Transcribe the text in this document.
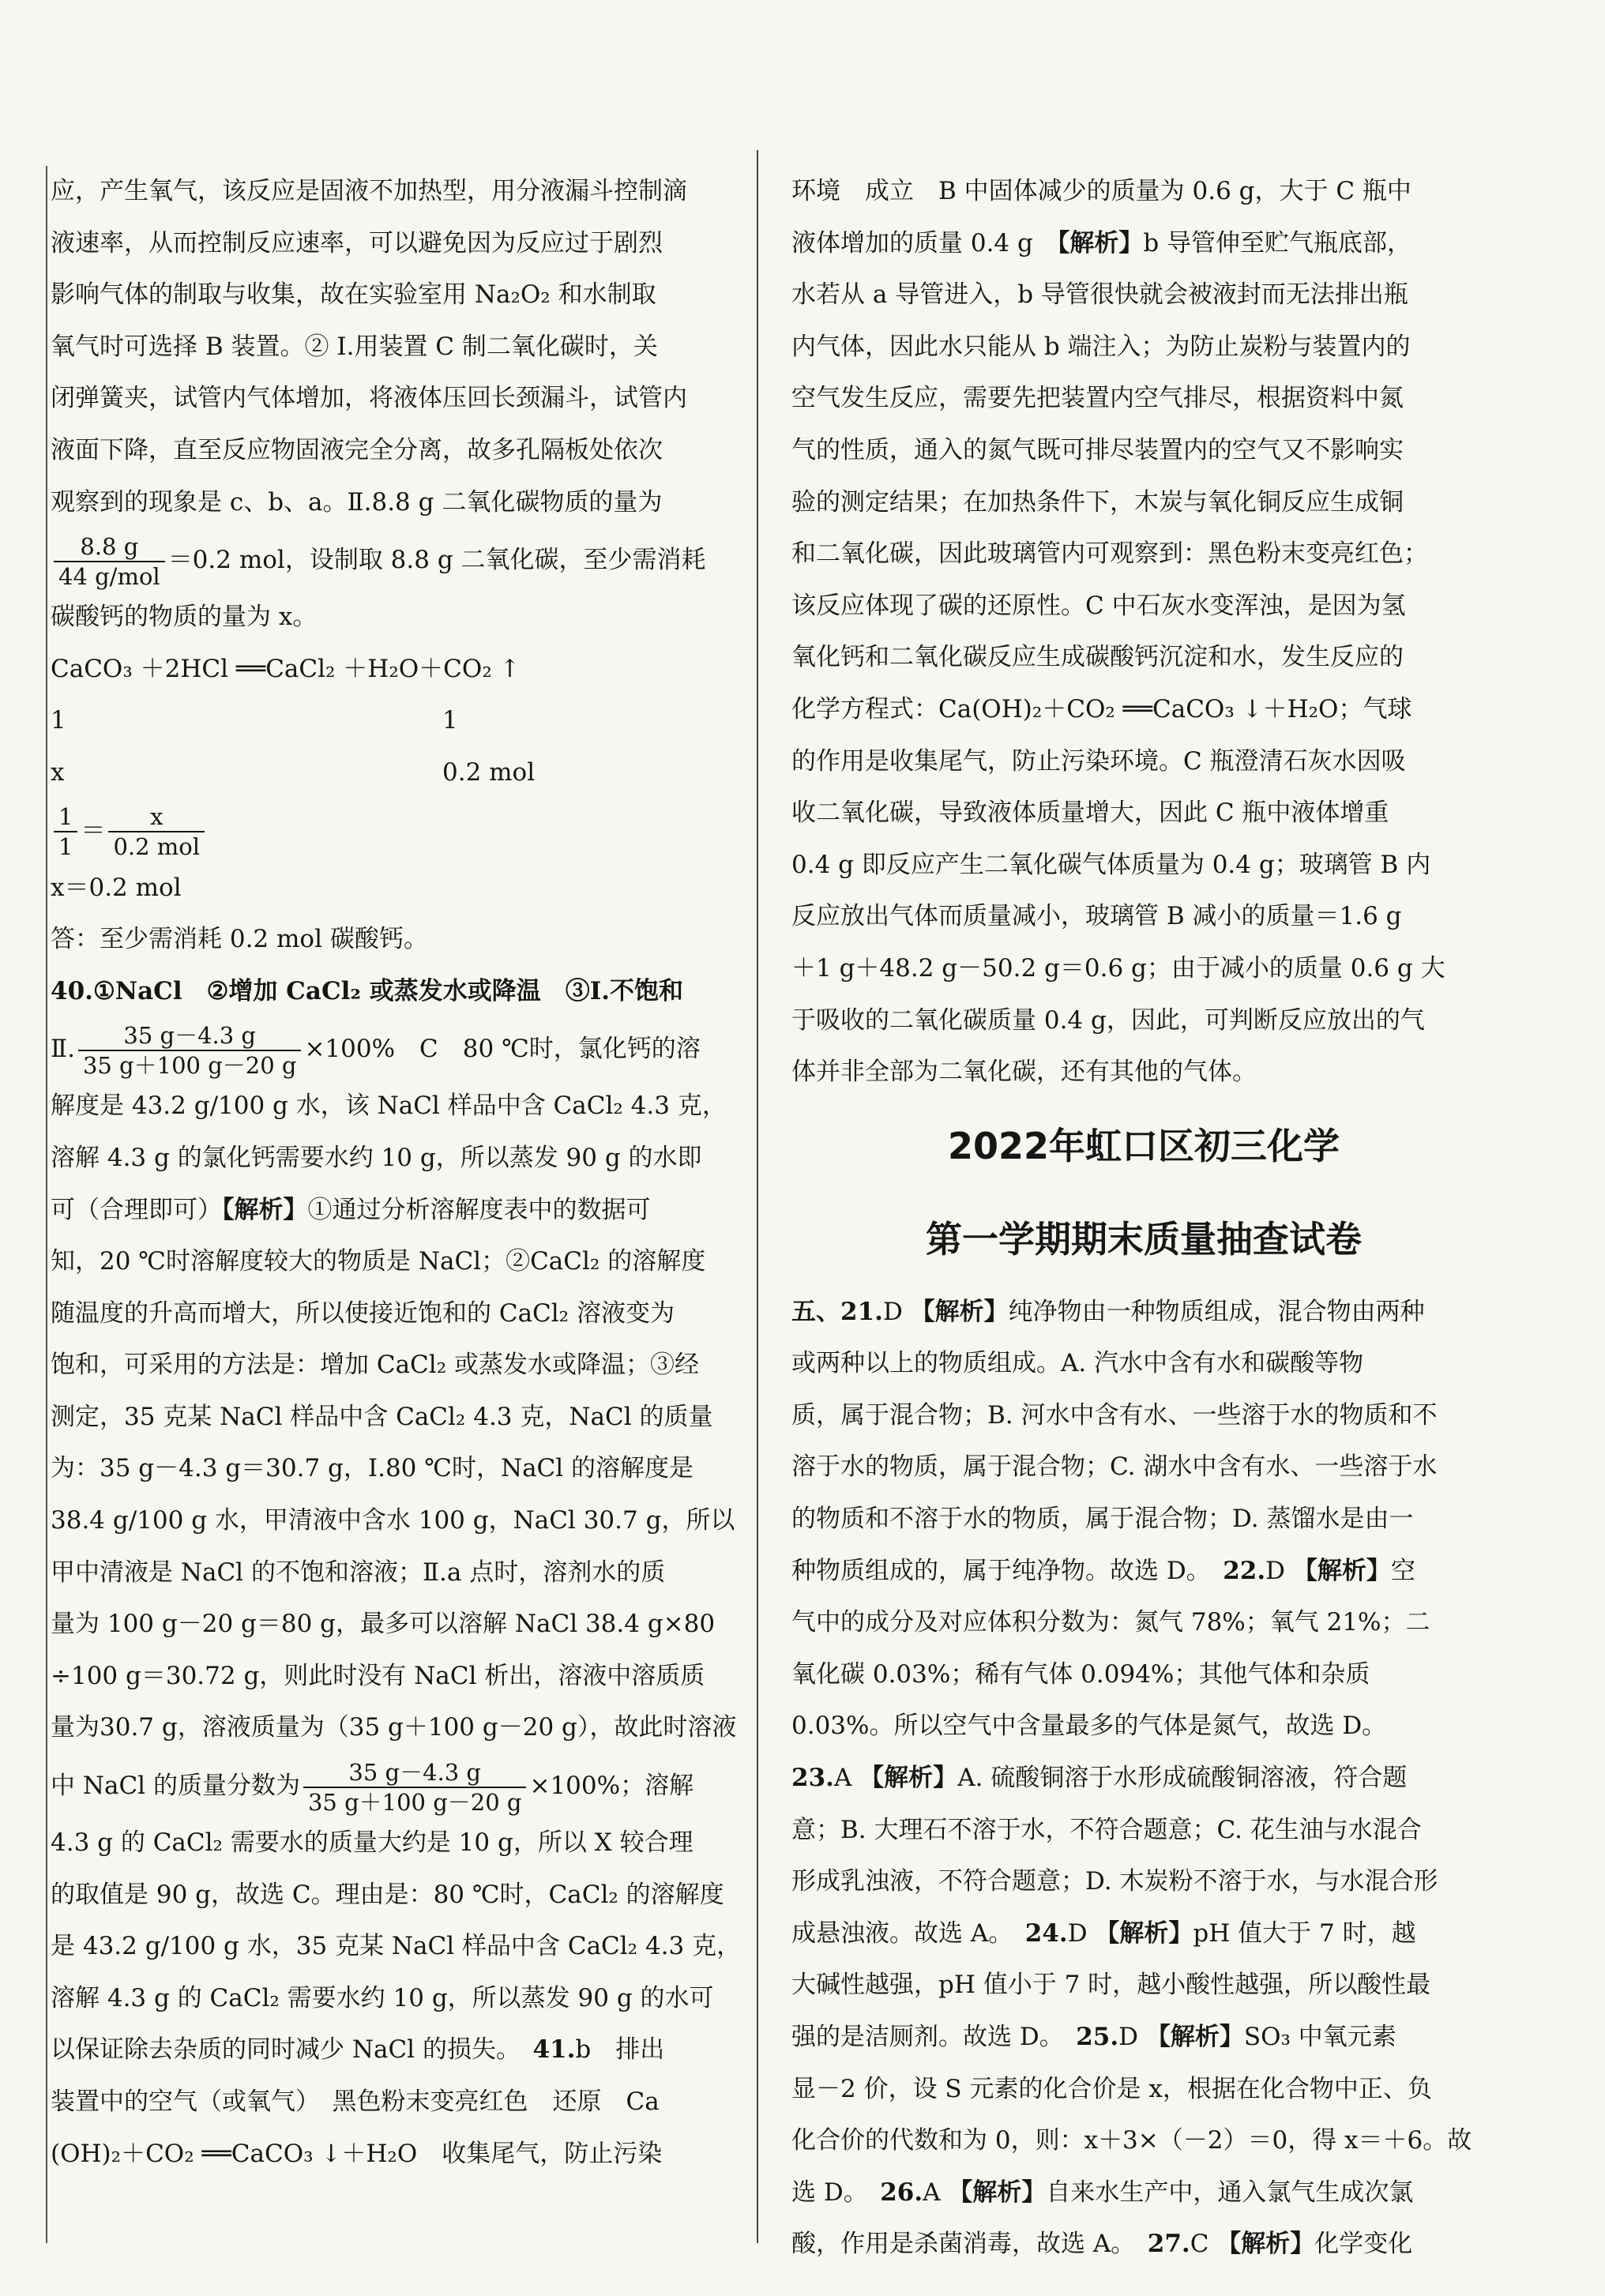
应，产生氧气，该反应是固液不加热型，用分液漏斗控制滴

液速率，从而控制反应速率，可以避免因为反应过于剧烈

影响气体的制取与收集，故在实验室用 Na₂O₂ 和水制取

氧气时可选择 B 装置。② Ⅰ.用装置 C 制二氧化碳时，关

闭弹簧夹，试管内气体增加，将液体压回长颈漏斗，试管内

液面下降，直至反应物固液完全分离，故多孔隔板处依次

观察到的现象是 c、b、a。Ⅱ.8.8 g 二氧化碳物质的量为

$\frac{8.8 g}{\text{44 g/mol}} =0.2$ mol，设制取 8.8 g 二氧化碳，至少需消耗

碳酸钙的物质的量为 x。

CaCO₃ ＋2HCl ══CaCl₂ ＋H₂O＋CO₂ ↑

1	1

x	0.2 mol

$\frac{1}{1} = \frac{x}{\text{0.2 mol}}$

x＝0.2 mol

答：至少需消耗 0.2 mol 碳酸钙。

40.①NaCl　②增加 CaCl₂ 或蒸发水或降温　③Ⅰ.不饱和

Ⅱ. $\frac{35 g-4.3 g}{35 g+100 g-20 g} \times 100\%$　C　80 ℃时，氯化钙的溶

解度是 43.2 g/100 g 水，该 NaCl 样品中含 CaCl₂ 4.3 克，

溶解 4.3 g 的氯化钙需要水约 10 g，所以蒸发 90 g 的水即

可（合理即可）【解析】①通过分析溶解度表中的数据可

知，20 ℃时溶解度较大的物质是 NaCl；②CaCl₂ 的溶解度

随温度的升高而增大，所以使接近饱和的 CaCl₂ 溶液变为

饱和，可采用的方法是：增加 CaCl₂ 或蒸发水或降温；③经

测定，35 克某 NaCl 样品中含 CaCl₂ 4.3 克，NaCl 的质量

为：35 g－4.3 g＝30.7 g，Ⅰ.80 ℃时，NaCl 的溶解度是

38.4 g/100 g 水，甲清液中含水 100 g，NaCl 30.7 g，所以

甲中清液是 NaCl 的不饱和溶液；Ⅱ.a 点时，溶剂水的质

量为 100 g－20 g＝80 g，最多可以溶解 NaCl 38.4 g×80

÷100 g＝30.72 g，则此时没有 NaCl 析出，溶液中溶质质

量为30.7 g，溶液质量为（35 g＋100 g－20 g），故此时溶液

中 NaCl 的质量分数为 $\frac{35 g-4.3 g}{35 g+100 g-20 g} \times 100\%$；溶解

4.3 g 的 CaCl₂ 需要水的质量大约是 10 g，所以 X 较合理

的取值是 90 g，故选 C。理由是：80 ℃时，CaCl₂ 的溶解度

是 43.2 g/100 g 水，35 克某 NaCl 样品中含 CaCl₂ 4.3 克，

溶解 4.3 g 的 CaCl₂ 需要水约 10 g，所以蒸发 90 g 的水可

以保证除去杂质的同时减少 NaCl 的损失。　41.b　排出

装置中的空气（或氧气）　黑色粉末变亮红色　还原　Ca

(OH)₂＋CO₂ ══CaCO₃ ↓＋H₂O　收集尾气，防止污染

环境　成立　B 中固体减少的质量为 0.6 g，大于 C 瓶中

液体增加的质量 0.4 g　【解析】b 导管伸至贮气瓶底部，

水若从 a 导管进入，b 导管很快就会被液封而无法排出瓶

内气体，因此水只能从 b 端注入；为防止炭粉与装置内的

空气发生反应，需要先把装置内空气排尽，根据资料中氮

气的性质，通入的氮气既可排尽装置内的空气又不影响实

验的测定结果；在加热条件下，木炭与氧化铜反应生成铜

和二氧化碳，因此玻璃管内可观察到：黑色粉末变亮红色；

该反应体现了碳的还原性。C 中石灰水变浑浊，是因为氢

氧化钙和二氧化碳反应生成碳酸钙沉淀和水，发生反应的

化学方程式：Ca(OH)₂＋CO₂ ══CaCO₃ ↓＋H₂O；气球

的作用是收集尾气，防止污染环境。C 瓶澄清石灰水因吸

收二氧化碳，导致液体质量增大，因此 C 瓶中液体增重

0.4 g 即反应产生二氧化碳气体质量为 0.4 g；玻璃管 B 内

反应放出气体而质量减小，玻璃管 B 减小的质量＝1.6 g

＋1 g＋48.2 g－50.2 g＝0.6 g；由于减小的质量 0.6 g 大

于吸收的二氧化碳质量 0.4 g，因此，可判断反应放出的气

体并非全部为二氧化碳，还有其他的气体。

2022年虹口区初三化学
第一学期期末质量抽查试卷

五、21.D 【解析】纯净物由一种物质组成，混合物由两种

或两种以上的物质组成。A. 汽水中含有水和碳酸等物

质，属于混合物；B. 河水中含有水、一些溶于水的物质和不

溶于水的物质，属于混合物；C. 湖水中含有水、一些溶于水

的物质和不溶于水的物质，属于混合物；D. 蒸馏水是由一

种物质组成的，属于纯净物。故选 D。　22.D 【解析】空

气中的成分及对应体积分数为：氮气 78%；氧气 21%；二

氧化碳 0.03%；稀有气体 0.094%；其他气体和杂质

0.03%。所以空气中含量最多的气体是氮气，故选 D。

23.A 【解析】A. 硫酸铜溶于水形成硫酸铜溶液，符合题

意；B. 大理石不溶于水，不符合题意；C. 花生油与水混合

形成乳浊液，不符合题意；D. 木炭粉不溶于水，与水混合形

成悬浊液。故选 A。　24.D 【解析】pH 值大于 7 时，越

大碱性越强，pH 值小于 7 时，越小酸性越强，所以酸性最

强的是洁厕剂。故选 D。　25.D 【解析】SO₃ 中氧元素

显－2 价，设 S 元素的化合价是 x，根据在化合物中正、负

化合价的代数和为 0，则：x＋3×（－2）＝0，得 x＝＋6。故

选 D。　26.A 【解析】自来水生产中，通入氯气生成次氯

酸，作用是杀菌消毒，故选 A。　27.C 【解析】化学变化
